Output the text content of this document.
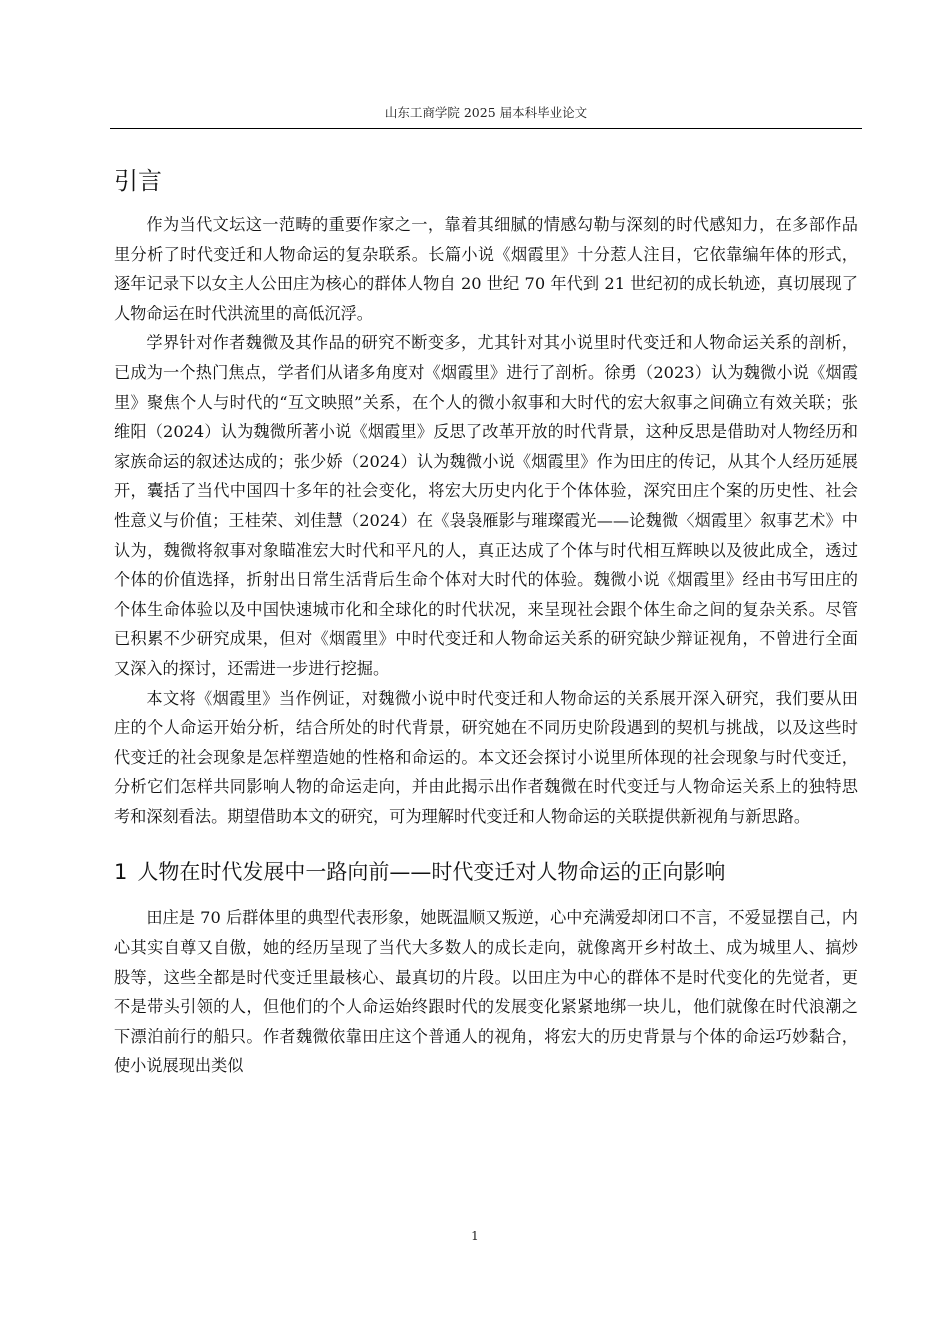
山东工商学院 2025 届本科毕业论文
引言

作为当代文坛这一范畴的重要作家之一，靠着其细腻的情感勾勒与深刻的时代感知力，在多部作品里分析了时代变迁和人物命运的复杂联系。长篇小说《烟霞里》十分惹人注目，它依靠编年体的形式，逐年记录下以女主人公田庄为核心的群体人物自 20 世纪 70 年代到 21 世纪初的成长轨迹，真切展现了人物命运在时代洪流里的高低沉浮。

学界针对作者魏微及其作品的研究不断变多，尤其针对其小说里时代变迁和人物命运关系的剖析，已成为一个热门焦点，学者们从诸多角度对《烟霞里》进行了剖析。徐勇（2023）认为魏微小说《烟霞里》聚焦个人与时代的“互文映照”关系，在个人的微小叙事和大时代的宏大叙事之间确立有效关联；张维阳（2024）认为魏微所著小说《烟霞里》反思了改革开放的时代背景，这种反思是借助对人物经历和家族命运的叙述达成的；张少娇（2024）认为魏微小说《烟霞里》作为田庄的传记，从其个人经历延展开，囊括了当代中国四十多年的社会变化，将宏大历史内化于个体体验，深究田庄个案的历史性、社会性意义与价值；王桂荣、刘佳慧（2024）在《袅袅雁影与璀璨霞光——论魏微〈烟霞里〉叙事艺术》中认为，魏微将叙事对象瞄准宏大时代和平凡的人，真正达成了个体与时代相互辉映以及彼此成全，透过个体的价值选择，折射出日常生活背后生命个体对大时代的体验。魏微小说《烟霞里》经由书写田庄的个体生命体验以及中国快速城市化和全球化的时代状况，来呈现社会跟个体生命之间的复杂关系。尽管已积累不少研究成果，但对《烟霞里》中时代变迁和人物命运关系的研究缺少辩证视角，不曾进行全面又深入的探讨，还需进一步进行挖掘。

本文将《烟霞里》当作例证，对魏微小说中时代变迁和人物命运的关系展开深入研究，我们要从田庄的个人命运开始分析，结合所处的时代背景，研究她在不同历史阶段遇到的契机与挑战，以及这些时代变迁的社会现象是怎样塑造她的性格和命运的。本文还会探讨小说里所体现的社会现象与时代变迁，分析它们怎样共同影响人物的命运走向，并由此揭示出作者魏微在时代变迁与人物命运关系上的独特思考和深刻看法。期望借助本文的研究，可为理解时代变迁和人物命运的关联提供新视角与新思路。

1 人物在时代发展中一路向前——时代变迁对人物命运的正向影响

田庄是 70 后群体里的典型代表形象，她既温顺又叛逆，心中充满爱却闭口不言，不爱显摆自己，内心其实自尊又自傲，她的经历呈现了当代大多数人的成长走向，就像离开乡村故土、成为城里人、搞炒股等，这些全都是时代变迁里最核心、最真切的片段。以田庄为中心的群体不是时代变化的先觉者，更不是带头引领的人，但他们的个人命运始终跟时代的发展变化紧紧地绑一块儿，他们就像在时代浪潮之下漂泊前行的船只。作者魏微依靠田庄这个普通人的视角，将宏大的历史背景与个体的命运巧妙黏合，使小说展现出类似

1
